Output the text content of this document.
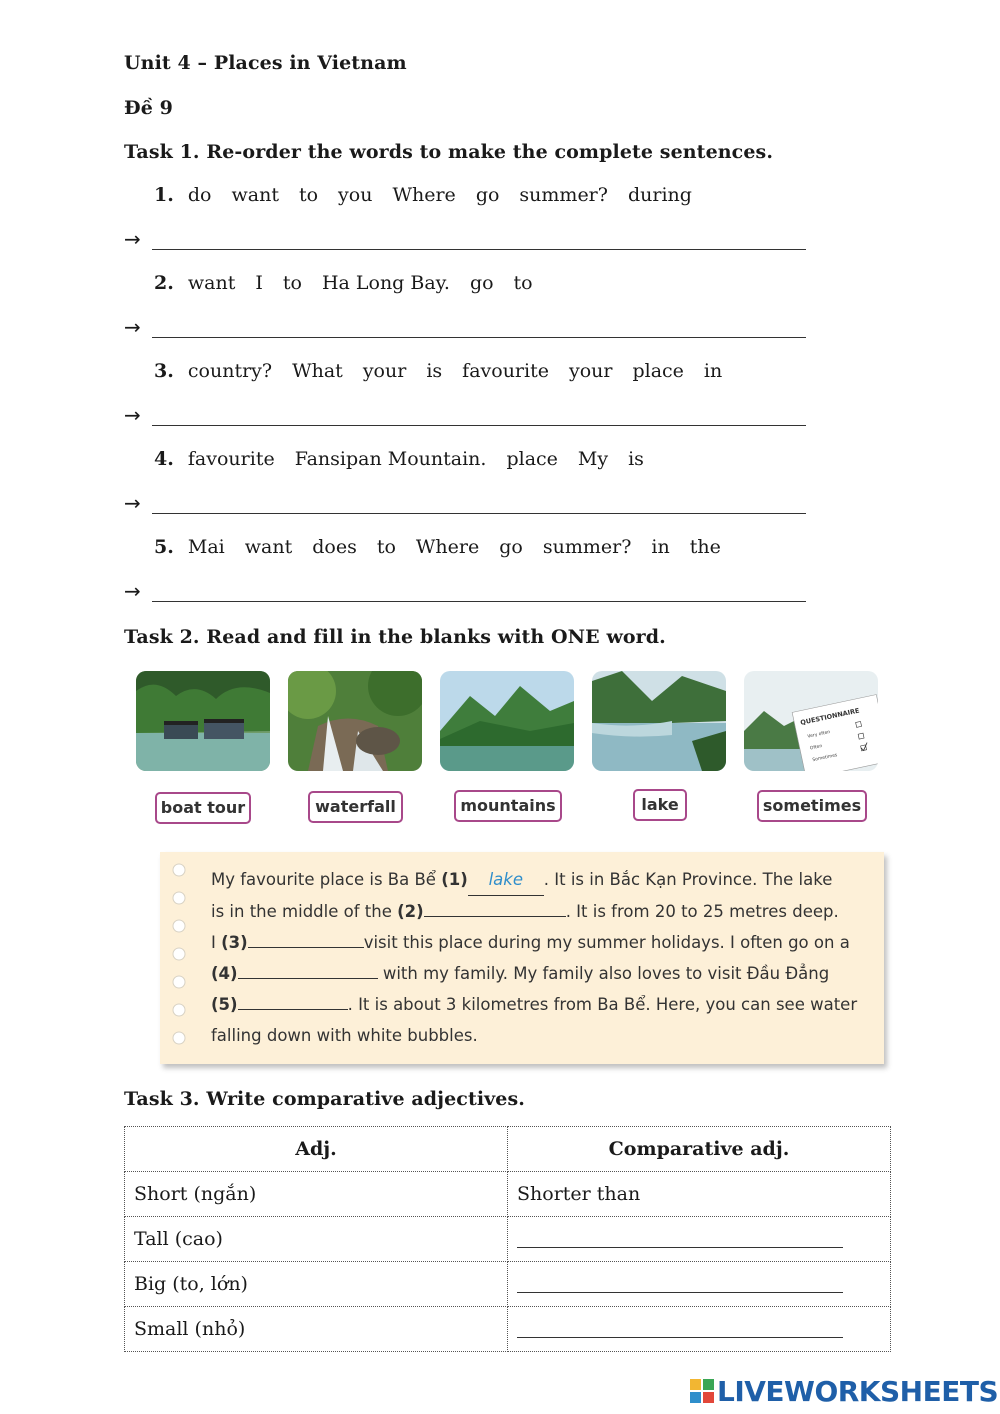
Unit 4 – Places in Vietnam
Đề 9
Task 1. Re-order the words to make the complete sentences.
1. do want to you Where go summer? during
→
2. want I to Ha Long Bay. go to
→
3. country? What your is favourite your place in
→
4. favourite Fansipan Mountain. place My is
→
5. Mai want does to Where go summer? in the
→
Task 2. Read and fill in the blanks with ONE word.
QUESTIONNAIRE
Very often
Often
Sometimes
boat tour	waterfall	mountains	lake	sometimes
My favourite place is Ba Bể (1) lake . It is in Bắc Kạn Province. The lake
is in the middle of the (2)	. It is from 20 to 25 metres deep.
I (3)	visit this place during my summer holidays. I often go on a
(4)	with my family. My family also loves to visit Đầu Đẳng
(5)	. It is about 3 kilometres from Ba Bể. Here, you can see water
falling down with white bubbles.
Task 3. Write comparative adjectives.
Adj.	Comparative adj.
Short (ngắn)	Shorter than
Tall (cao)	
Big (to, lớn)	
Small (nhỏ)	
LIVEWORKSHEETS
